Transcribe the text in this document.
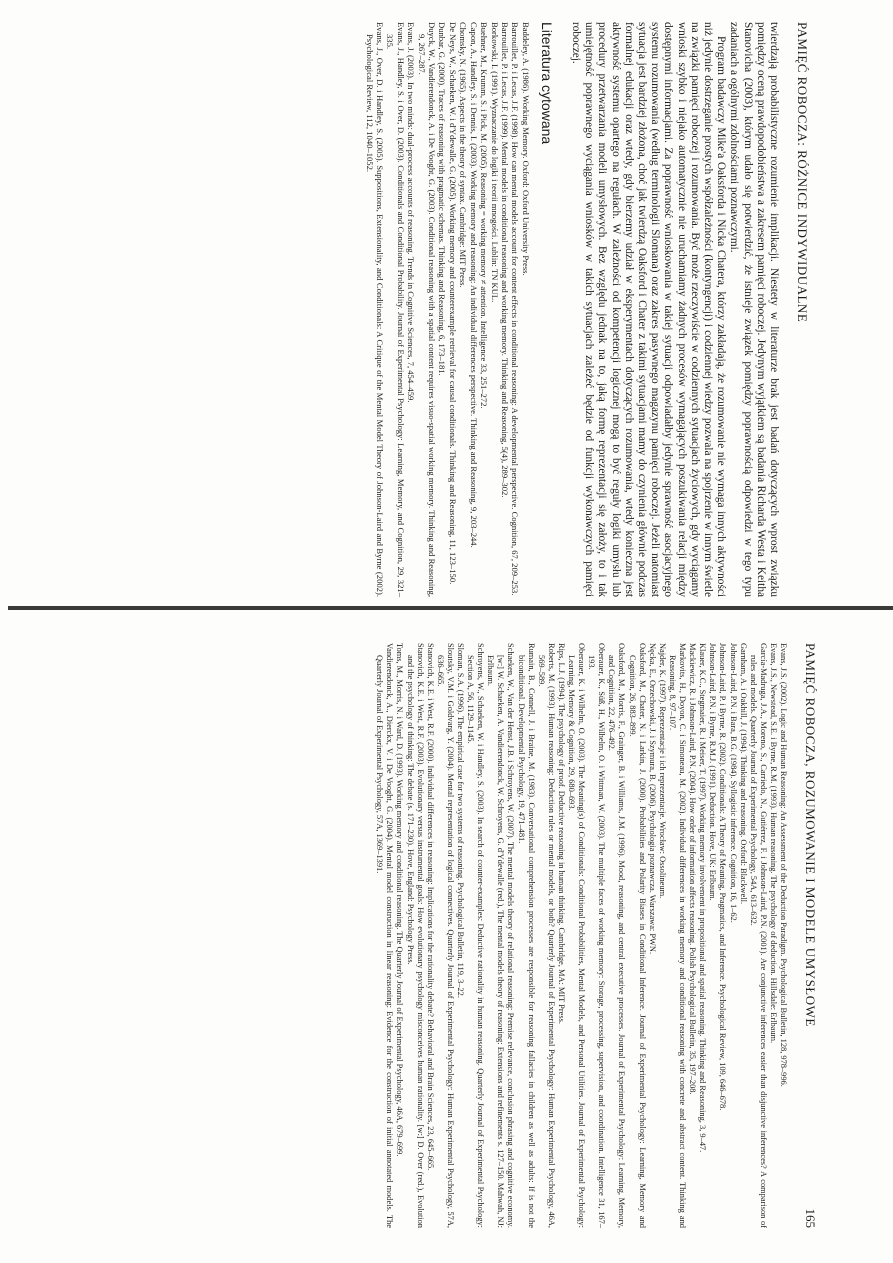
PAMIĘĆ ROBOCZA: RÓŻNICE INDYWIDUALNE

twierdzają probabilistyczne rozumienie implikacji. Niestety w literaturze brak jest badań dotyczących wprost związku pomiędzy oceną prawdopodobieństwa a zakresem pamięci roboczej. Jedynym wyjątkiem są badania Richarda Westa i Keitha Stanovicha (2003), którym udało się potwierdzić, że istnieje związek pomiędzy poprawnością odpowiedzi w tego typu zadaniach a ogólnymi zdolnościami poznawczymi.

Program badawczy Mike'a Oaksforda i Nicka Chatera, którzy zakładają, że rozumowanie nie wymaga innych aktywności niż jedynie dostrzeganie prostych współzależności (kontyngencji) i codziennej wiedzy pozwala na spojrzenie w innym świetle na związki pamięci roboczej i rozumowania. Być może rzeczywiście w codziennych sytuacjach życiowych, gdy wyciągamy wnioski szybko i niejako automatycznie nie uruchamiamy żadnych procesów wymagających poszukiwania relacji między dostępnymi informacjami. Za poprawność wnioskowania w takiej sytuacji odpowiadałby jedynie sprawność asocjacyjnego systemu rozumowania (według terminologii Slomana) oraz zakres pasywnego magazynu pamięci roboczej. Jeżeli natomiast sytuacja jest bardziej złożona, choć jak twierdzą Oaksford i Chater z takimi sytuacjami mamy do czynienia głównie podczas formalnej edukacji oraz wtedy, gdy bierzemy udział w eksperymentach dotyczących rozumowania, wtedy konieczna jest aktywność systemu opartego na regułach. W zależności od kompetencji logicznej mogą to być reguły logiki umysłu lub procedury przetwarzania modeli umysłowych. Bez względu jednak na to, jaką formę reprezentacji się założy, to i tak umiejętność poprawnego wyciągania wniosków w takich sytuacjach zależeć będzie od funkcji wykonawczych pamięci roboczej.

Literatura cytowana
Baddeley, A. (1986). Working Memory. Oxford: Oxford University Press.
Barrouillet, P. i Lecas, J.F. (1998). How can mental models account for content effects in conditional reasoning: A developmental perspective. Cognition, 67, 209–253.
Barrouillet, P. i Lecas, J.F. (1999). Mental models in conditional reasoning and working memory. Thinking and Reasoning, 5(4), 289–302.
Borkowski, I. (1991). Wyznaczanie do logiki i teorii mnogości. Lublin: TN KUL.
Buehner, M., Krumm, S. i Pick, M. (2005). Reasoning = working memory ≠ attention. Intelligence 33, 251–272.
Capon, A., Handley, S. i Dennis, I. (2003). Working memory and reasoning: An individual differences perspective. Thinking and Reasoning, 9, 203–244.
Chomsky, N. (1965). Aspects in the theory of syntax. Cambridge: MIT Press.
De Neys, W., Schaeken, W. i d'Ydewalle, G. (2005). Working memory and counterexample retrieval for causal conditionals. Thinking and Reasoning, 11, 123–150.
Dunbar, G. (2000). Traces of reasoning with pragmatic schemas. Thinking and Reasoning, 6, 173–181.
Duyck, W., Vandierendonck, A. i De Vooght, G. (2003). Conditional reasoning with a spatial content requires visuo-spatial working memory. Thinking and Reasoning, 9, 267–287.
Evans, J. (2003). In two minds: dual-process accounts of reasoning. Trends in Cognitive Sciences, 7, 454–459.
Evans, J., Handley, S. i Over, D. (2003). Conditionals and Conditional Probability. Journal of Experimental Psychology: Learning, Memory, and Cognition, 29, 321–335.
Evans, J., Over, D. i Handley, S. (2005). Suppositions, Extensionality, and Conditionals: A Critique of the Mental Model Theory of Johnson-Laird and Byrne (2002). Psychological Review, 112, 1040–1052.
PAMIĘĆ ROBOCZA, ROZUMOWANIE I MODELE UMYSŁOWE
165
Evans, J.S. (2002). Logic and Human Reasoning: An Assessment of the Deduction Paradigm. Psychological Bulletin, 128, 978–996.
Evans, J.S., Newstead, S.E. i Byrne, R.M. (1993). Human reasoning. The psychology of deduction. Hillsdale: Erlbaum.
García-Madruga, J.A., Moreno, S., Carriedo, N., Gutiérrez, F. i Johnson-Laird, P.N. (2001). Are conjunctive inferences easier than disjunctive inferences? A comparison of rules and models. Quarterly Journal of Experimental Psychology, 54A, 613–632.
Garnham, A. i Oakhill, J. (1994). Thinking and reasoning. Oxford: Blackwell.
Johnson-Laird, P.N. i Bara, B.G. (1984). Syllogistic inference. Cognition, 16, 1–62.
Johnson-Laird, P. i Byrne, R. (2002). Conditionals: A Theory of Meaning, Pragmatics, and Inference. Psychological Review, 109, 646–678.
Johnson-Laird, P.N. i Byrne, R.M.J. (1991). Deduction. Hove, UK: Erlbaum.
Klauer, K.C., Stegmaier, R. i Meiser, T. (1997). Working memory involvement in propositional and spatial reasoning. Thinking and Reasoning, 3, 9–47.
Mackiewicz, R. i Johnson-Laird, P.N. (2004). How order of information affects reasoning. Polish Psychological Bulletin, 35, 197–208.
Markovits, H., Doyon, C. i Simoneau, M. (2002). Individual differences in working memory and conditional reasoning with concrete and abstract content. Thinking and Reasoning, 8, 97–107.
Najder, K. (1997). Reprezentacje i ich reprezentacje. Wrocław: Ossolineum.
Nęcka, E., Orzechowski, J. i Szymura, B. (2006). Psychologia poznawcza. Warszawa: PWN.
Oaksford, M., Chater, N. i Larkin, J. (2000). Probabilities and Polarity Biases in Conditional Inference. Journal of Experimental Psychology: Learning, Memory and Cognition, 26, 883–899.
Oaksford, M., Morris, F., Grainger, B. i Williams, J.M. (1996). Mood, reasoning, and central executive processes. Journal of Experimental Psychology: Learning, Memory, and Cognition, 22, 476–492.
Oberauer, K., Süß, H., Wilhelm, O. i Wittman, W. (2003). The multiple faces of working memory: Storage, processing, supervision, and coordination. Intelligence 31, 167–193.
Oberauer, K. i Wilhelm, O. (2003). The Meaning(s) of Conditionals: Conditional Probabilities, Mental Models, and Personal Utilities. Journal of Experimental Psychology: Learning, Memory & Cognition, 29, 680–693.
Rips, L.J. (1994). The psychology of proof. Deductive reasoning in human thinking. Cambridge, MA: MIT Press.
Roberts, M. (1993). Human reasoning: Deduction rules or mental models, or both? Quarterly Journal of Experimental Psychology: Human Experimental Psychology, 46A, 569–589.
Rumain, B., Connell, J. i Braine, M. (1983). Conversational comprehension processes are responsible for reasoning fallacies in children as well as adults: If is not the biconditional. Developmental Psychology, 19, 471–481.
Schaeken, W., Van der Henst, J.B. i Schroyens, W. (2007). The mental models theory of relational reasoning: Premise relevance, conclusion phrasing and cognitive economy. [w:] W. Schaeken, A. Vandierendonck, W. Schroyens, G. d'Ydewalle (red.), The mental models theory of reasoning: Extensions and refinements s. 127–150. Mahwah, NJ: Erlbaum.
Schroyens, W., Schaeken, W. i Handley, S. (2003). In search of counter-examples: Deductive rationality in human reasoning. Quarterly Journal of Experimental Psychology: Section A, 56, 1129–1145.
Sloman, S.A. (1996). The empirical case for two systems of reasoning. Psychological Bulletin, 119, 3–22.
Sloutsky, V.M. i Goldvarg, Y. (2004). Mental representation of logical connectives. Quarterly Journal of Experimental Psychology: Human Experimental Psychology, 57A, 636–665.
Stanovich, K.E. i West, R.F. (2000). Individual differences in reasoning: Implications for the rationality debate? Behavioral and Brain Sciences, 23, 645–665.
Stanovich, K.E. i West, R.F. (2003). Evolutionary versus instrumental goals: How evolutionary psychology misconceives human rationality. [w:] D. Over (red.), Evolution and the psychology of thinking: The debate (s. 171–230). Hove, England: Psychology Press.
Toms, M., Morris, N. i Ward, D. (1993). Working memory and conditional reasoning. The Quarterly Journal of Experimental Psychology, 46A, 679–699.
Vandierendonck, A., Dierckx, V. i De Vooght, G. (2004). Mental model construction in linear reasoning: Evidence for the construction of initial annotated models. The Quarterly Journal of Experimental Psychology, 57A, 1369–1391.
